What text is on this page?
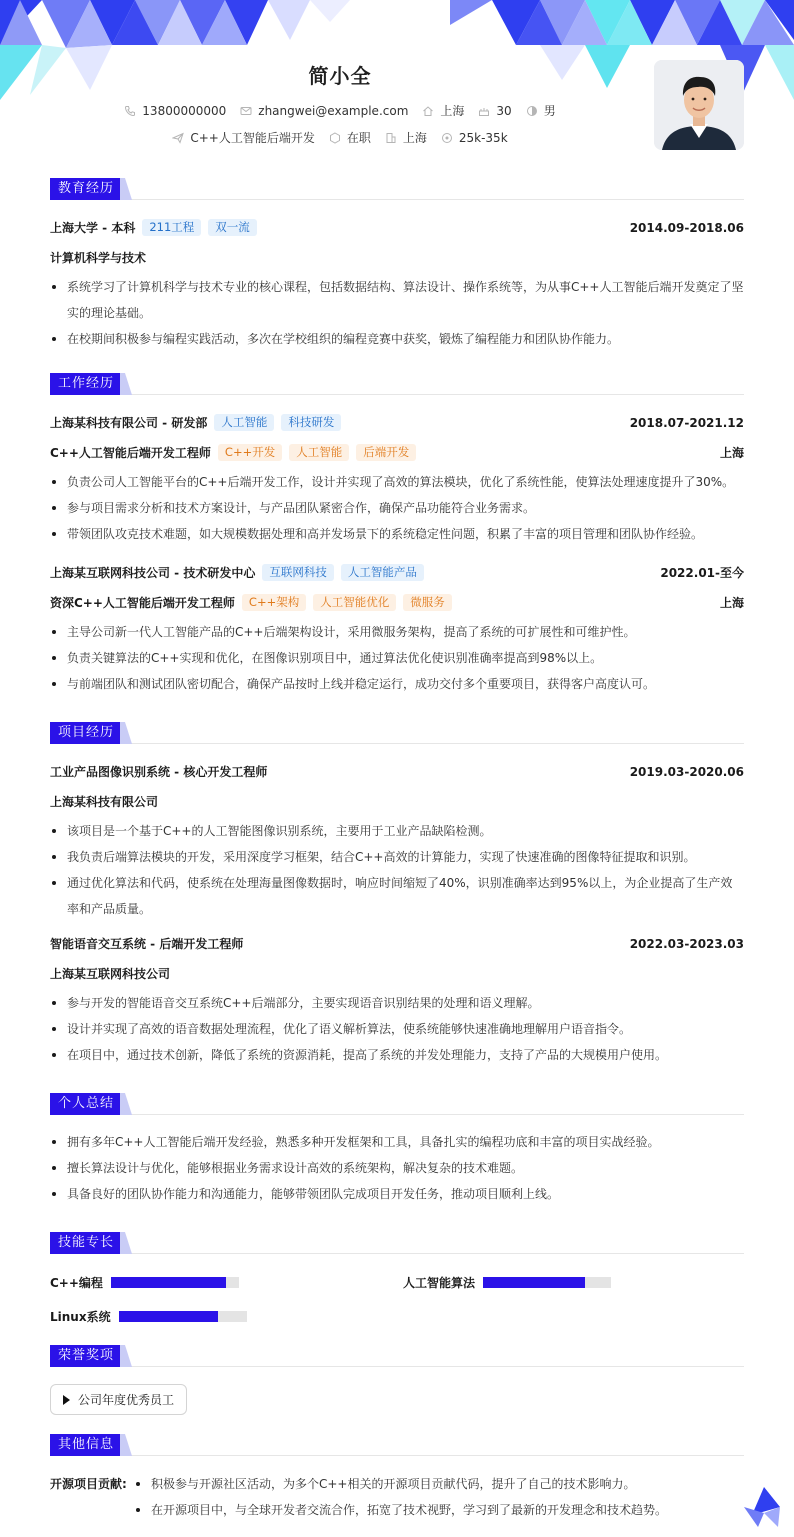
简小全
13800000000	zhangwei@example.com	上海	30	男
C++人工智能后端开发	在职	上海	25k-35k
教育经历
上海大学 - 本科	211工程	双一流	2014.09-2018.06
计算机科学与技术
系统学习了计算机科学与技术专业的核心课程，包括数据结构、算法设计、操作系统等，为从事C++人工智能后端开发奠定了坚实的理论基础。
在校期间积极参与编程实践活动，多次在学校组织的编程竞赛中获奖，锻炼了编程能力和团队协作能力。
工作经历
上海某科技有限公司 - 研发部	人工智能	科技研发	2018.07-2021.12
C++人工智能后端开发工程师	C++开发	人工智能	后端开发	上海
负责公司人工智能平台的C++后端开发工作，设计并实现了高效的算法模块，优化了系统性能，使算法处理速度提升了30%。
参与项目需求分析和技术方案设计，与产品团队紧密合作，确保产品功能符合业务需求。
带领团队攻克技术难题，如大规模数据处理和高并发场景下的系统稳定性问题，积累了丰富的项目管理和团队协作经验。
上海某互联网科技公司 - 技术研发中心	互联网科技	人工智能产品	2022.01-至今
资深C++人工智能后端开发工程师	C++架构	人工智能优化	微服务	上海
主导公司新一代人工智能产品的C++后端架构设计，采用微服务架构，提高了系统的可扩展性和可维护性。
负责关键算法的C++实现和优化，在图像识别项目中，通过算法优化使识别准确率提高到98%以上。
与前端团队和测试团队密切配合，确保产品按时上线并稳定运行，成功交付多个重要项目，获得客户高度认可。
项目经历
工业产品图像识别系统 - 核心开发工程师	2019.03-2020.06
上海某科技有限公司
该项目是一个基于C++的人工智能图像识别系统，主要用于工业产品缺陷检测。
我负责后端算法模块的开发，采用深度学习框架，结合C++高效的计算能力，实现了快速准确的图像特征提取和识别。
通过优化算法和代码，使系统在处理海量图像数据时，响应时间缩短了40%，识别准确率达到95%以上，为企业提高了生产效率和产品质量。
智能语音交互系统 - 后端开发工程师	2022.03-2023.03
上海某互联网科技公司
参与开发的智能语音交互系统C++后端部分，主要实现语音识别结果的处理和语义理解。
设计并实现了高效的语音数据处理流程，优化了语义解析算法，使系统能够快速准确地理解用户语音指令。
在项目中，通过技术创新，降低了系统的资源消耗，提高了系统的并发处理能力，支持了产品的大规模用户使用。
个人总结
拥有多年C++人工智能后端开发经验，熟悉多种开发框架和工具，具备扎实的编程功底和丰富的项目实战经验。
擅长算法设计与优化，能够根据业务需求设计高效的系统架构，解决复杂的技术难题。
具备良好的团队协作能力和沟通能力，能够带领团队完成项目开发任务，推动项目顺利上线。
技能专长
C++编程	人工智能算法
Linux系统
荣誉奖项
公司年度优秀员工
其他信息
开源项目贡献:	积极参与开源社区活动，为多个C++相关的开源项目贡献代码，提升了自己的技术影响力。
在开源项目中，与全球开发者交流合作，拓宽了技术视野，学习到了最新的开发理念和技术趋势。
